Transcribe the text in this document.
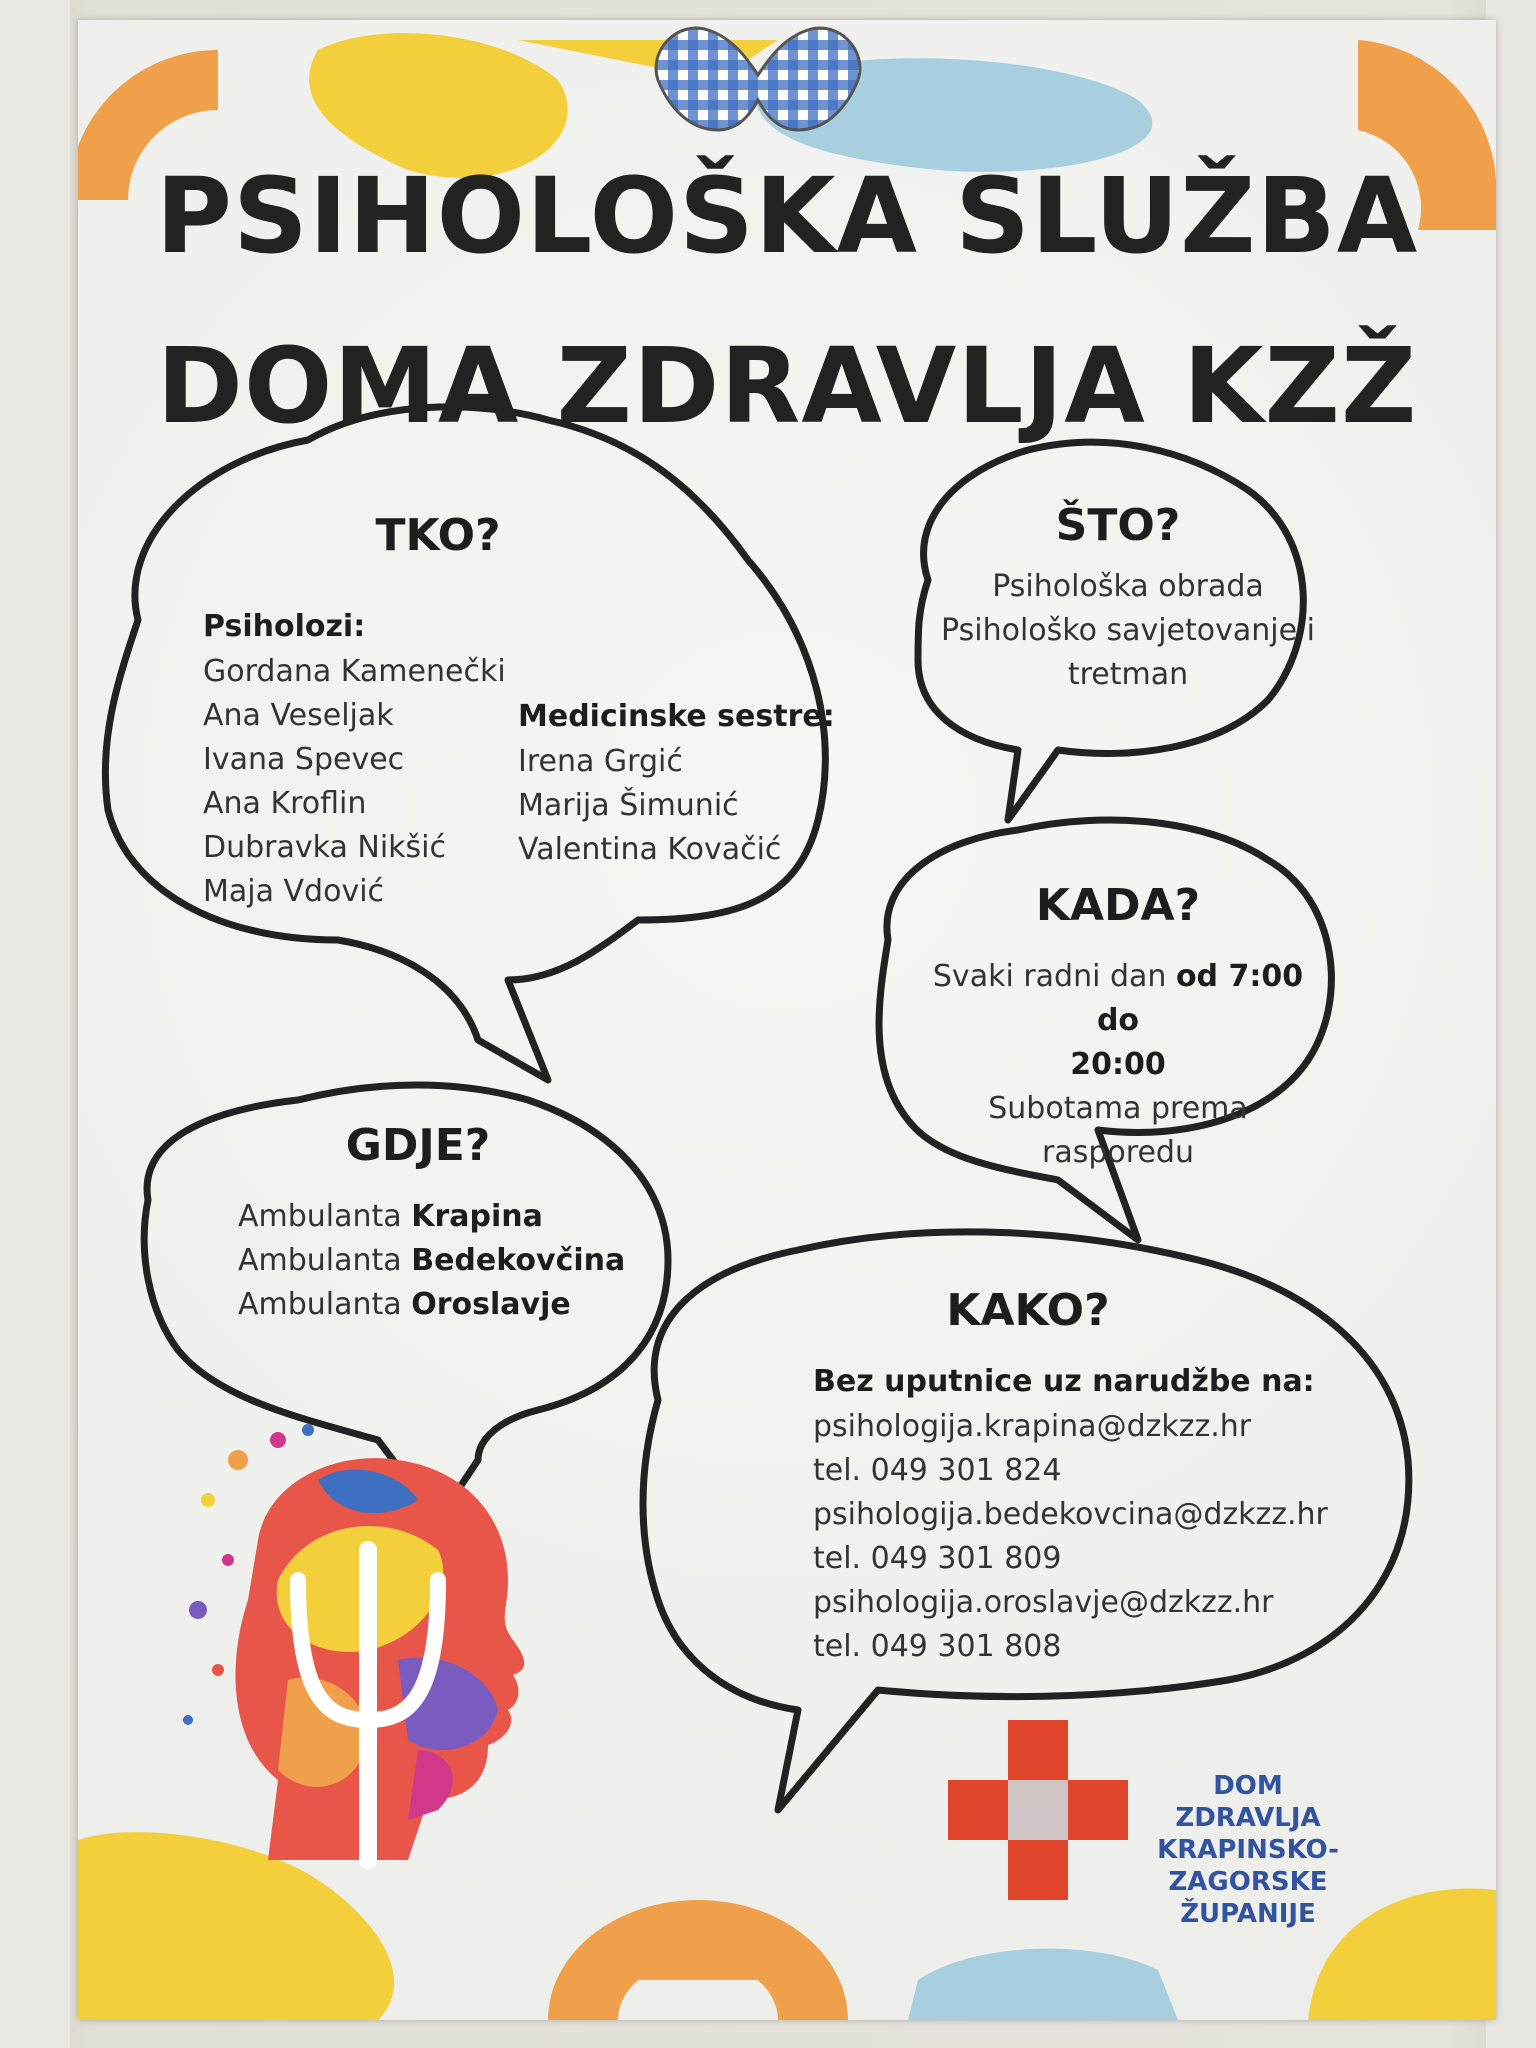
PSIHOLOŠKA SLUŽBA
DOMA ZDRAVLJA KZŽ
TKO?
Psiholozi:
Gordana Kamenečki
Ana Veseljak
Ivana Spevec
Ana Kroflin
Dubravka Nikšić
Maja Vdović
Medicinske sestre:
Irena Grgić
Marija Šimunić
Valentina Kovačić
ŠTO?
Psihološka obrada
Psihološko savjetovanje i
tretman
KADA?
Svaki radni dan od 7:00 do
20:00
Subotama prema rasporedu
GDJE?
Ambulanta Krapina
Ambulanta Bedekovčina
Ambulanta Oroslavje	KAKO?
Bez uputnice uz narudžbe na:
psihologija.krapina@dzkzz.hr
tel. 049 301 824
psihologija.bedekovcina@dzkzz.hr
tel. 049 301 809
psihologija.oroslavje@dzkzz.hr
tel. 049 301 808
DOM
ZDRAVLJA
KRAPINSKO-ZAGORSKE
ŽUPANIJE
